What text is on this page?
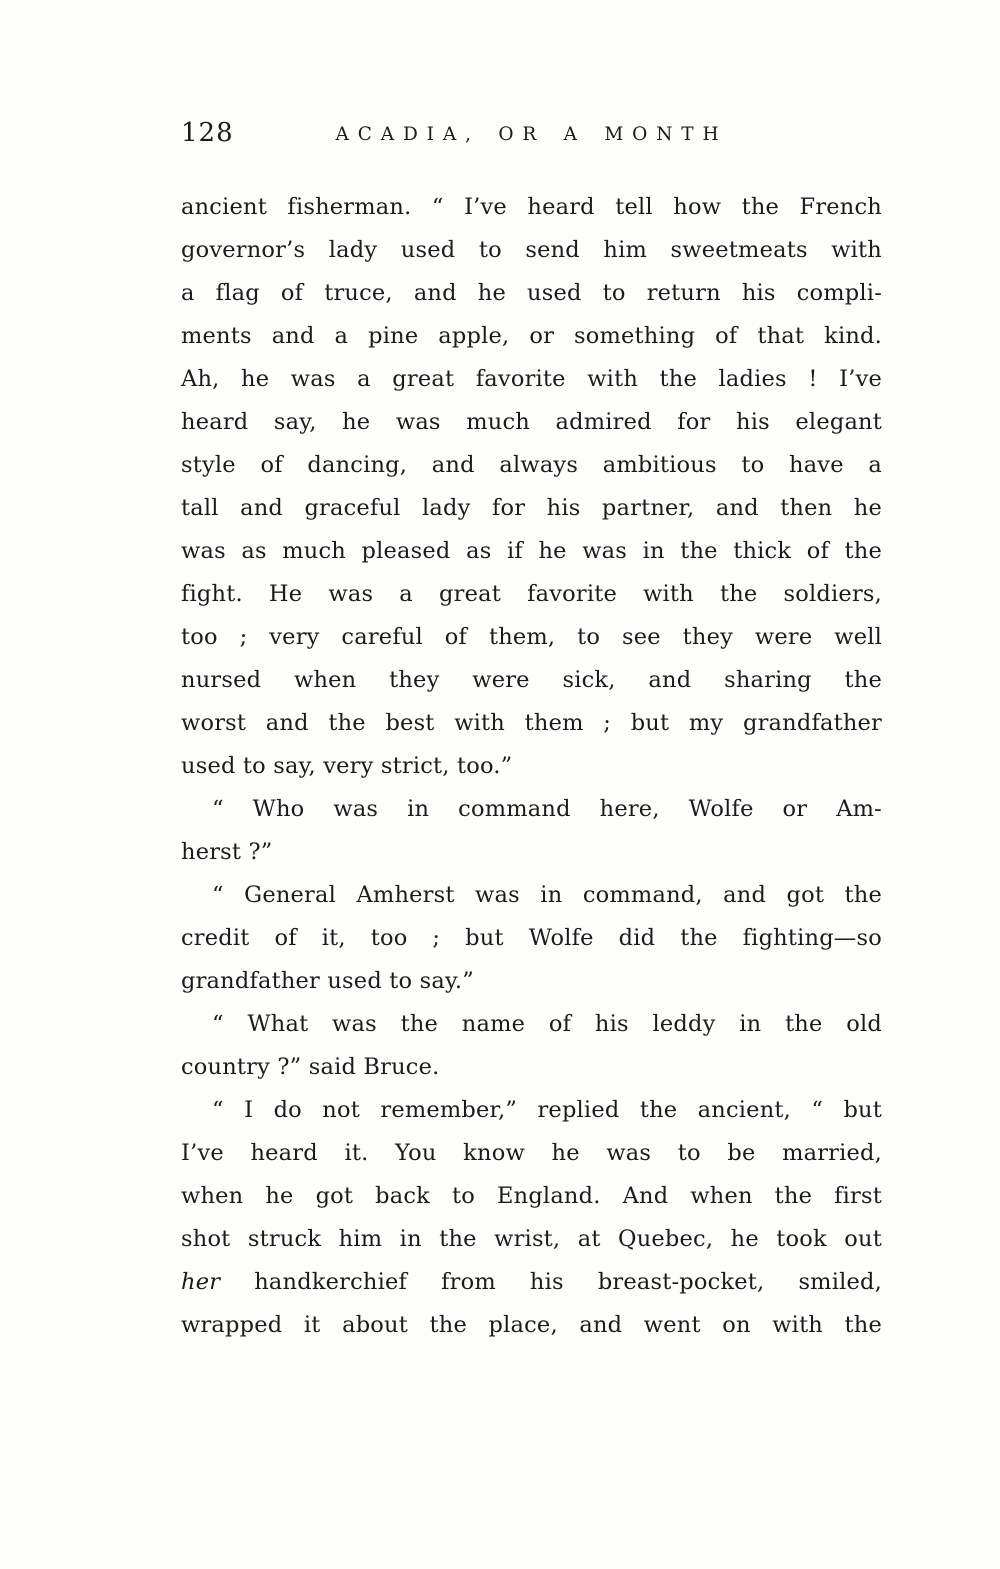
128	ACADIA, OR A MONTH
ancient fisherman. “ I’ve heard tell how the French
governor’s lady used to send him sweetmeats with
a flag of truce, and he used to return his compli-
ments and a pine apple, or something of that kind.
Ah, he was a great favorite with the ladies ! I’ve
heard say, he was much admired for his elegant
style of dancing, and always ambitious to have a
tall and graceful lady for his partner, and then he
was as much pleased as if he was in the thick of the
fight. He was a great favorite with the soldiers,
too ; very careful of them, to see they were well
nursed when they were sick, and sharing the
worst and the best with them ; but my grandfather
used to say, very strict, too.”
“ Who was in command here, Wolfe or Am-
herst ?”
“ General Amherst was in command, and got the
credit of it, too ; but Wolfe did the fighting—so
grandfather used to say.”
“ What was the name of his leddy in the old
country ?” said Bruce.
“ I do not remember,” replied the ancient, “ but
I’ve heard it. You know he was to be married,
when he got back to England. And when the first
shot struck him in the wrist, at Quebec, he took out
her handkerchief from his breast-pocket, smiled,
wrapped it about the place, and went on with the
